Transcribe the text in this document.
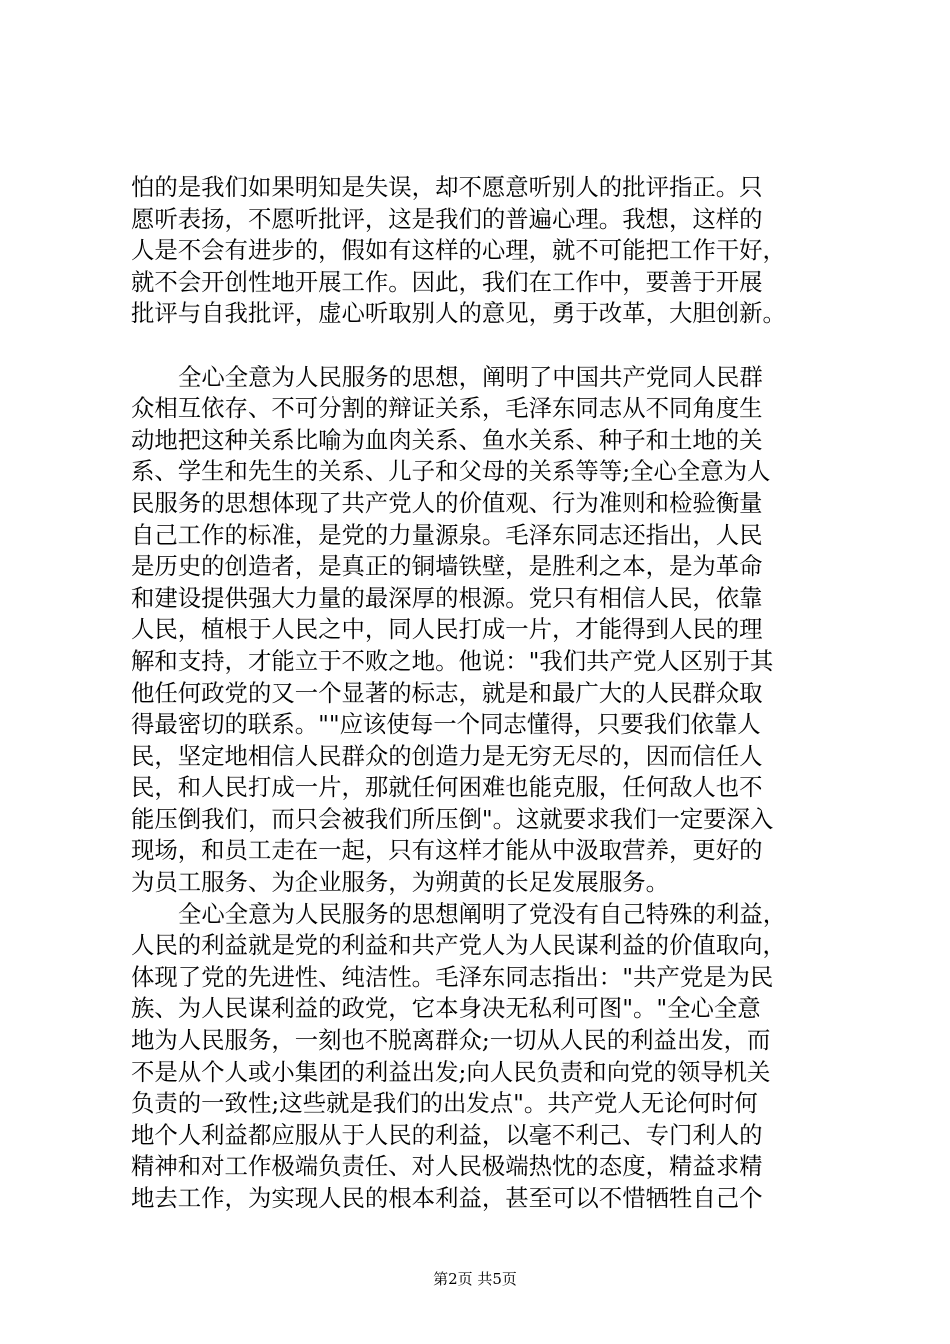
怕的是我们如果明知是失误，却不愿意听别人的批评指正。只
愿听表扬，不愿听批评，这是我们的普遍心理。我想，这样的
人是不会有进步的，假如有这样的心理，就不可能把工作干好，
就不会开创性地开展工作。因此，我们在工作中，要善于开展
批评与自我批评，虚心听取别人的意见，勇于改革，大胆创新。
全心全意为人民服务的思想，阐明了中国共产党同人民群
众相互依存、不可分割的辩证关系，毛泽东同志从不同角度生
动地把这种关系比喻为血肉关系、鱼水关系、种子和土地的关
系、学生和先生的关系、儿子和父母的关系等等;全心全意为人
民服务的思想体现了共产党人的价值观、行为准则和检验衡量
自己工作的标准，是党的力量源泉。毛泽东同志还指出，人民
是历史的创造者，是真正的铜墙铁壁，是胜利之本，是为革命
和建设提供强大力量的最深厚的根源。党只有相信人民，依靠
人民，植根于人民之中，同人民打成一片，才能得到人民的理
解和支持，才能立于不败之地。他说："我们共产党人区别于其
他任何政党的又一个显著的标志，就是和最广大的人民群众取
得最密切的联系。""应该使每一个同志懂得，只要我们依靠人
民，坚定地相信人民群众的创造力是无穷无尽的，因而信任人
民，和人民打成一片，那就任何困难也能克服，任何敌人也不
能压倒我们，而只会被我们所压倒"。这就要求我们一定要深入
现场，和员工走在一起，只有这样才能从中汲取营养，更好的
为员工服务、为企业服务，为朔黄的长足发展服务。
全心全意为人民服务的思想阐明了党没有自己特殊的利益，
人民的利益就是党的利益和共产党人为人民谋利益的价值取向，
体现了党的先进性、纯洁性。毛泽东同志指出："共产党是为民
族、为人民谋利益的政党，它本身决无私利可图"。"全心全意
地为人民服务，一刻也不脱离群众;一切从人民的利益出发，而
不是从个人或小集团的利益出发;向人民负责和向党的领导机关
负责的一致性;这些就是我们的出发点"。共产党人无论何时何
地个人利益都应服从于人民的利益，以毫不利己、专门利人的
精神和对工作极端负责任、对人民极端热忱的态度，精益求精
地去工作，为实现人民的根本利益，甚至可以不惜牺牲自己个
第2页 共5页
